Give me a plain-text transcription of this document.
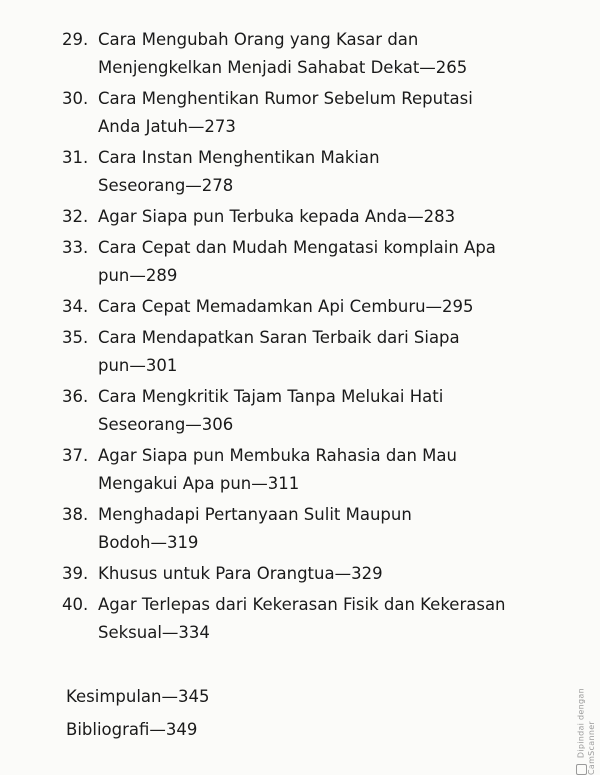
29. Cara Mengubah Orang yang Kasar dan
Menjengkelkan Menjadi Sahabat Dekat—265
30. Cara Menghentikan Rumor Sebelum Reputasi
Anda Jatuh—273
31. Cara Instan Menghentikan Makian
Seseorang—278
32. Agar Siapa pun Terbuka kepada Anda—283
33. Cara Cepat dan Mudah Mengatasi komplain Apa
pun—289
34. Cara Cepat Memadamkan Api Cemburu—295
35. Cara Mendapatkan Saran Terbaik dari Siapa
pun—301
36. Cara Mengkritik Tajam Tanpa Melukai Hati
Seseorang—306
37. Agar Siapa pun Membuka Rahasia dan Mau
Mengakui Apa pun—311
38. Menghadapi Pertanyaan Sulit Maupun
Bodoh—319
39. Khusus untuk Para Orangtua—329
40. Agar Terlepas dari Kekerasan Fisik dan Kekerasan
Seksual—334
Kesimpulan—345
Bibliografi—349	Dipindai dengan CamScanner
